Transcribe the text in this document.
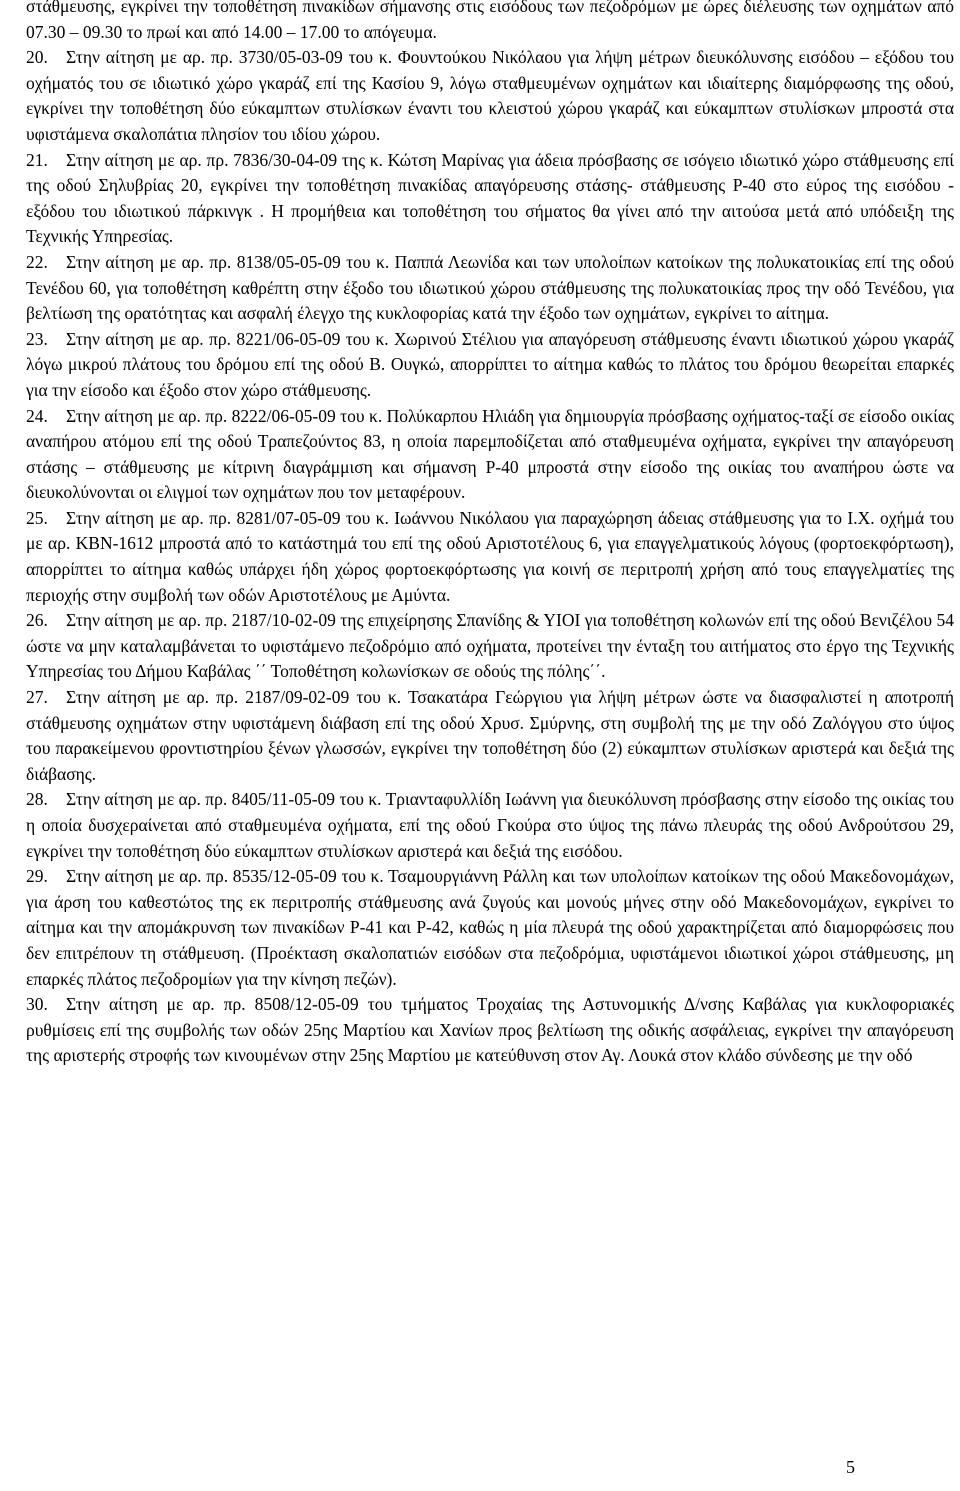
στάθμευσης, εγκρίνει την τοποθέτηση πινακίδων σήμανσης στις εισόδους των πεζοδρόμων με ώρες διέλευσης των οχημάτων από 07.30 – 09.30 το πρωί και από 14.00 – 17.00 το απόγευμα.

20. Στην αίτηση με αρ. πρ. 3730/05-03-09 του κ. Φουντούκου Νικόλαου για λήψη μέτρων διευκόλυνσης εισόδου – εξόδου του οχήματός του σε ιδιωτικό χώρο γκαράζ επί της Κασίου 9, λόγω σταθμευμένων οχημάτων και ιδιαίτερης διαμόρφωσης της οδού, εγκρίνει την τοποθέτηση δύο εύκαμπτων στυλίσκων έναντι του κλειστού χώρου γκαράζ και εύκαμπτων στυλίσκων μπροστά στα υφιστάμενα σκαλοπάτια πλησίον του ιδίου χώρου.

21. Στην αίτηση με αρ. πρ. 7836/30-04-09 της κ. Κώτση Μαρίνας για άδεια πρόσβασης σε ισόγειο ιδιωτικό χώρο στάθμευσης επί της οδού Σηλυβρίας 20, εγκρίνει την τοποθέτηση πινακίδας απαγόρευσης στάσης- στάθμευσης Ρ-40 στο εύρος της εισόδου - εξόδου του ιδιωτικού πάρκινγκ . Η προμήθεια και τοποθέτηση του σήματος θα γίνει από την αιτούσα μετά από υπόδειξη της Τεχνικής Υπηρεσίας.

22. Στην αίτηση με αρ. πρ. 8138/05-05-09 του κ. Παππά Λεωνίδα και των υπολοίπων κατοίκων της πολυκατοικίας επί της οδού Τενέδου 60, για τοποθέτηση καθρέπτη στην έξοδο του ιδιωτικού χώρου στάθμευσης της πολυκατοικίας προς την οδό Τενέδου, για βελτίωση της ορατότητας και ασφαλή έλεγχο της κυκλοφορίας κατά την έξοδο των οχημάτων, εγκρίνει το αίτημα.

23. Στην αίτηση με αρ. πρ. 8221/06-05-09 του κ. Χωρινού Στέλιου για απαγόρευση στάθμευσης έναντι ιδιωτικού χώρου γκαράζ λόγω μικρού πλάτους του δρόμου επί της οδού Β. Ουγκώ, απορρίπτει το αίτημα καθώς το πλάτος του δρόμου θεωρείται επαρκές για την είσοδο και έξοδο στον χώρο στάθμευσης.

24. Στην αίτηση με αρ. πρ. 8222/06-05-09 του κ. Πολύκαρπου Ηλιάδη για δημιουργία πρόσβασης οχήματος-ταξί σε είσοδο οικίας αναπήρου ατόμου επί της οδού Τραπεζούντος 83, η οποία παρεμποδίζεται από σταθμευμένα οχήματα, εγκρίνει την απαγόρευση στάσης – στάθμευσης με κίτρινη διαγράμμιση και σήμανση Ρ-40 μπροστά στην είσοδο της οικίας του αναπήρου ώστε να διευκολύνονται οι ελιγμοί των οχημάτων που τον μεταφέρουν.

25. Στην αίτηση με αρ. πρ. 8281/07-05-09 του κ. Ιωάννου Νικόλαου για παραχώρηση άδειας στάθμευσης για το Ι.Χ. οχήμά του με αρ. ΚΒΝ-1612 μπροστά από το κατάστημά του επί της οδού Αριστοτέλους 6, για επαγγελματικούς λόγους (φορτοεκφόρτωση), απορρίπτει το αίτημα καθώς υπάρχει ήδη χώρος φορτοεκφόρτωσης για κοινή σε περιτροπή χρήση από τους επαγγελματίες της περιοχής στην συμβολή των οδών Αριστοτέλους με Αμύντα.

26. Στην αίτηση με αρ. πρ. 2187/10-02-09 της επιχείρησης Σπανίδης & ΥΙΟΙ για τοποθέτηση κολωνών επί της οδού Βενιζέλου 54 ώστε να μην καταλαμβάνεται το υφιστάμενο πεζοδρόμιο από οχήματα, προτείνει την ένταξη του αιτήματος στο έργο της Τεχνικής Υπηρεσίας του Δήμου Καβάλας ΄΄ Τοποθέτηση κολωνίσκων σε οδούς της πόλης΄΄.

27. Στην αίτηση με αρ. πρ. 2187/09-02-09 του κ. Τσακατάρα Γεώργιου για λήψη μέτρων ώστε να διασφαλιστεί η αποτροπή στάθμευσης οχημάτων στην υφιστάμενη διάβαση επί της οδού Χρυσ. Σμύρνης, στη συμβολή της με την οδό Ζαλόγγου στο ύψος του παρακείμενου φροντιστηρίου ξένων γλωσσών, εγκρίνει την τοποθέτηση δύο (2) εύκαμπτων στυλίσκων αριστερά και δεξιά της διάβασης.

28. Στην αίτηση με αρ. πρ. 8405/11-05-09 του κ. Τριανταφυλλίδη Ιωάννη για διευκόλυνση πρόσβασης στην είσοδο της οικίας του η οποία δυσχεραίνεται από σταθμευμένα οχήματα, επί της οδού Γκούρα στο ύψος της πάνω πλευράς της οδού Ανδρούτσου 29, εγκρίνει την τοποθέτηση δύο εύκαμπτων στυλίσκων αριστερά και δεξιά της εισόδου.

29. Στην αίτηση με αρ. πρ. 8535/12-05-09 του κ. Τσαμουργιάννη Ράλλη και των υπολοίπων κατοίκων της οδού Μακεδονομάχων, για άρση του καθεστώτος της εκ περιτροπής στάθμευσης ανά ζυγούς και μονούς μήνες στην οδό Μακεδονομάχων, εγκρίνει το αίτημα και την απομάκρυνση των πινακίδων Ρ-41 και Ρ-42, καθώς η μία πλευρά της οδού χαρακτηρίζεται από διαμορφώσεις που δεν επιτρέπουν τη στάθμευση. (Προέκταση σκαλοπατιών εισόδων στα πεζοδρόμια, υφιστάμενοι ιδιωτικοί χώροι στάθμευσης, μη επαρκές πλάτος πεζοδρομίων για την κίνηση πεζών).

30. Στην αίτηση με αρ. πρ. 8508/12-05-09 του τμήματος Τροχαίας της Αστυνομικής Δ/νσης Καβάλας για κυκλοφοριακές ρυθμίσεις επί της συμβολής των οδών 25ης Μαρτίου και Χανίων προς βελτίωση της οδικής ασφάλειας, εγκρίνει την απαγόρευση της αριστερής στροφής των κινουμένων στην 25ης Μαρτίου με κατεύθυνση στον Αγ. Λουκά στον κλάδο σύνδεσης με την οδό

5
